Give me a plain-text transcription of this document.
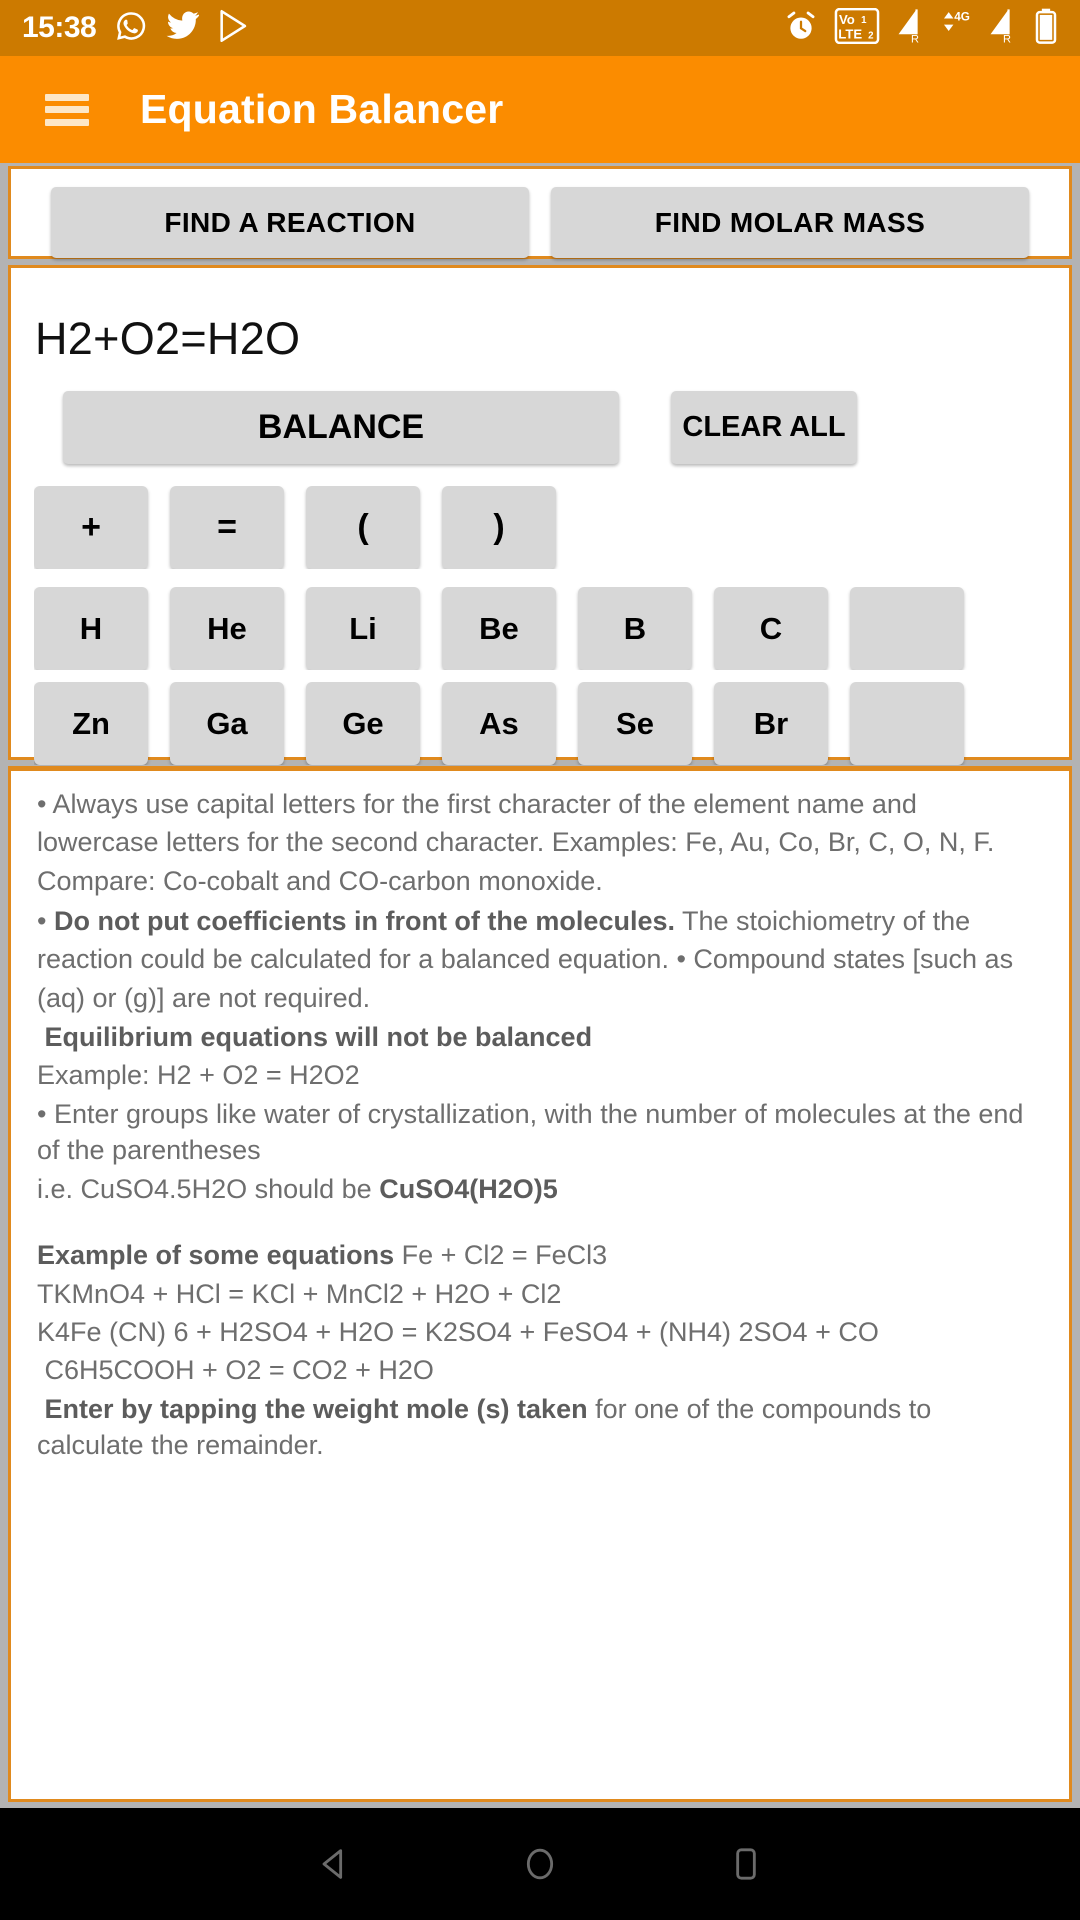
15:38	Vo 1
LTE 2	R
4G
R
Equation Balancer
FIND A REACTION	FIND MOLAR MASS
H2+O2=H2O
BALANCE	CLEAR ALL
+	=	(	)
H	He	Li	Be	B	C
Zn	Ga	Ge	As	Se	Br

• Always use capital letters for the first character of the element name and lowercase letters for the second character. Examples: Fe, Au, Co, Br, C, O, N, F. Compare: Co-cobalt and CO-carbon monoxide.

• Do not put coefficients in front of the molecules. The stoichiometry of the reaction could be calculated for a balanced equation. • Compound states [such as (aq) or (g)] are not required.

Equilibrium equations will not be balanced

Example: H2 + O2 = H2O2

• Enter groups like water of crystallization, with the number of molecules at the end of the parentheses

i.e. CuSO4.5H2O should be CuSO4(H2O)5

Example of some equations Fe + Cl2 = FeCl3

TKMnO4 + HCl = KCl + MnCl2 + H2O + Cl2

K4Fe (CN) 6 + H2SO4 + H2O = K2SO4 + FeSO4 + (NH4) 2SO4 + CO

C6H5COOH + O2 = CO2 + H2O

Enter by tapping the weight mole (s) taken for one of the compounds to calculate the remainder.
